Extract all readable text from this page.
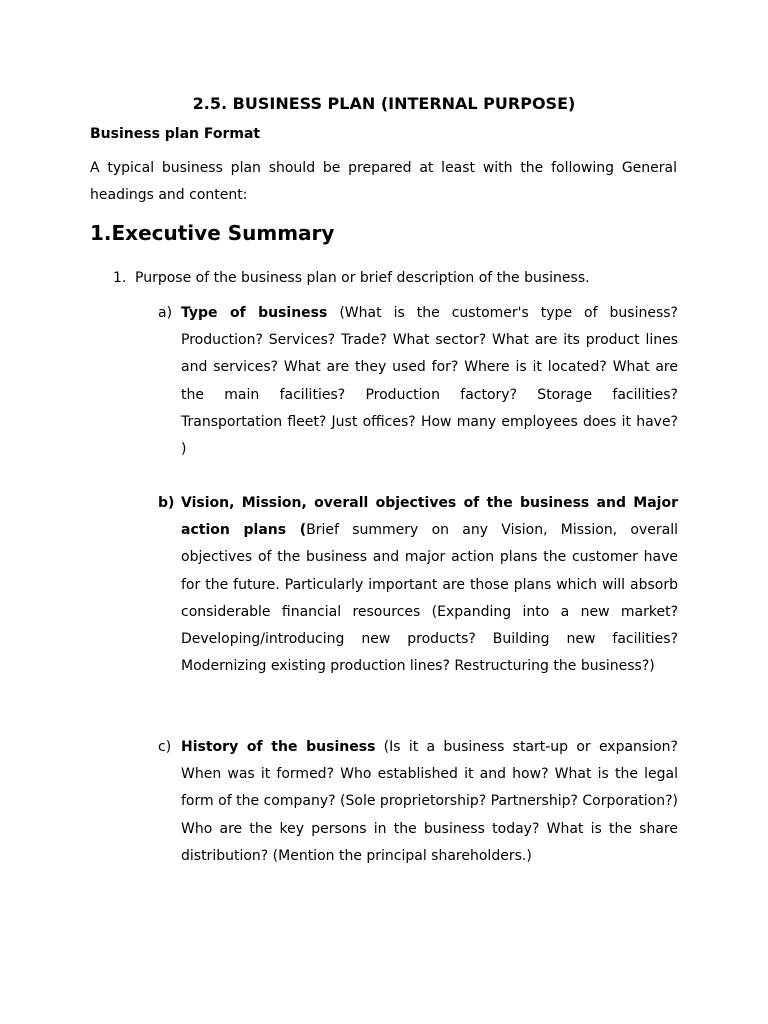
2.5. BUSINESS PLAN (INTERNAL PURPOSE)
Business plan Format
A typical business plan should be prepared at least with the following General headings and content:
1.Executive Summary
1. Purpose of the business plan or brief description of the business.
a) Type of business (What is the customer's type of business? Production? Services? Trade? What sector? What are its product lines and services? What are they used for? Where is it located? What are the main facilities? Production factory? Storage facilities? Transportation fleet? Just offices? How many employees does it have? )
b) Vision, Mission, overall objectives of the business and Major action plans (Brief summery on any Vision, Mission, overall objectives of the business and major action plans the customer have for the future. Particularly important are those plans which will absorb considerable financial resources (Expanding into a new market? Developing/introducing new products? Building new facilities? Modernizing existing production lines? Restructuring the business?)
c) History of the business (Is it a business start-up or expansion? When was it formed? Who established it and how? What is the legal form of the company? (Sole proprietorship? Partnership? Corporation?) Who are the key persons in the business today? What is the share distribution? (Mention the principal shareholders.)
